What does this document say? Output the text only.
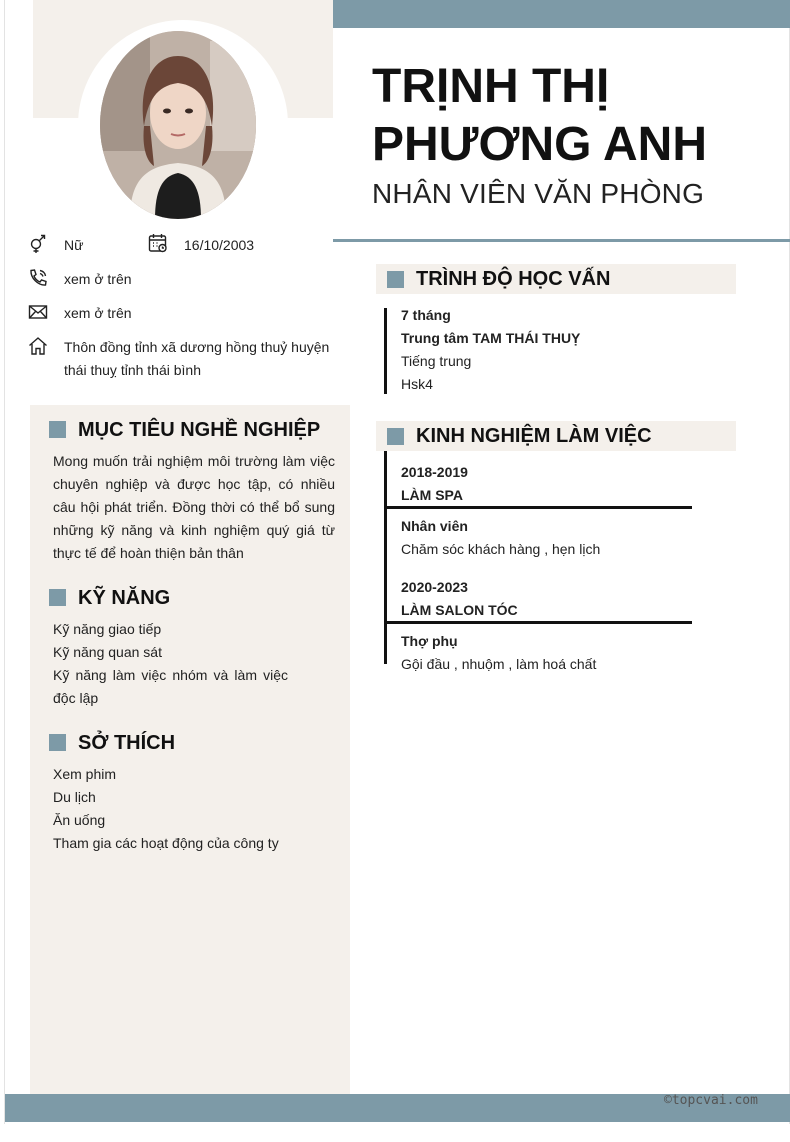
TRỊNH THỊ
PHƯƠNG ANH
NHÂN VIÊN VĂN PHÒNG
Nữ	16/10/2003
xem ở trên
xem ở trên
Thôn đồng tỉnh xã dương hồng thuỷ huyện thái thuỵ tỉnh thái bình
MỤC TIÊU NGHỀ NGHIỆP
Mong muốn trải nghiệm môi trường làm việc chuyên nghiệp và được học tập, có nhiều câu hội phát triển. Đồng thời có thể bổ sung những kỹ năng và kinh nghiệm quý giá từ thực tế để hoàn thiện bản thân
KỸ NĂNG
Kỹ năng giao tiếp
Kỹ năng quan sát
Kỹ năng làm việc nhóm và làm việc độc lập
SỞ THÍCH
Xem phim
Du lịch
Ăn uống
Tham gia các hoạt động của công ty
TRÌNH ĐỘ HỌC VẤN
7 tháng
Trung tâm TAM THÁI THUỴ
Tiếng trung
Hsk4
KINH NGHIỆM LÀM VIỆC
2018-2019
LÀM SPA
Nhân viên
Chăm sóc khách hàng , hẹn lịch
2020-2023
LÀM SALON TÓC
Thợ phụ
Gội đầu , nhuộm , làm hoá chất
©topcvai.com
